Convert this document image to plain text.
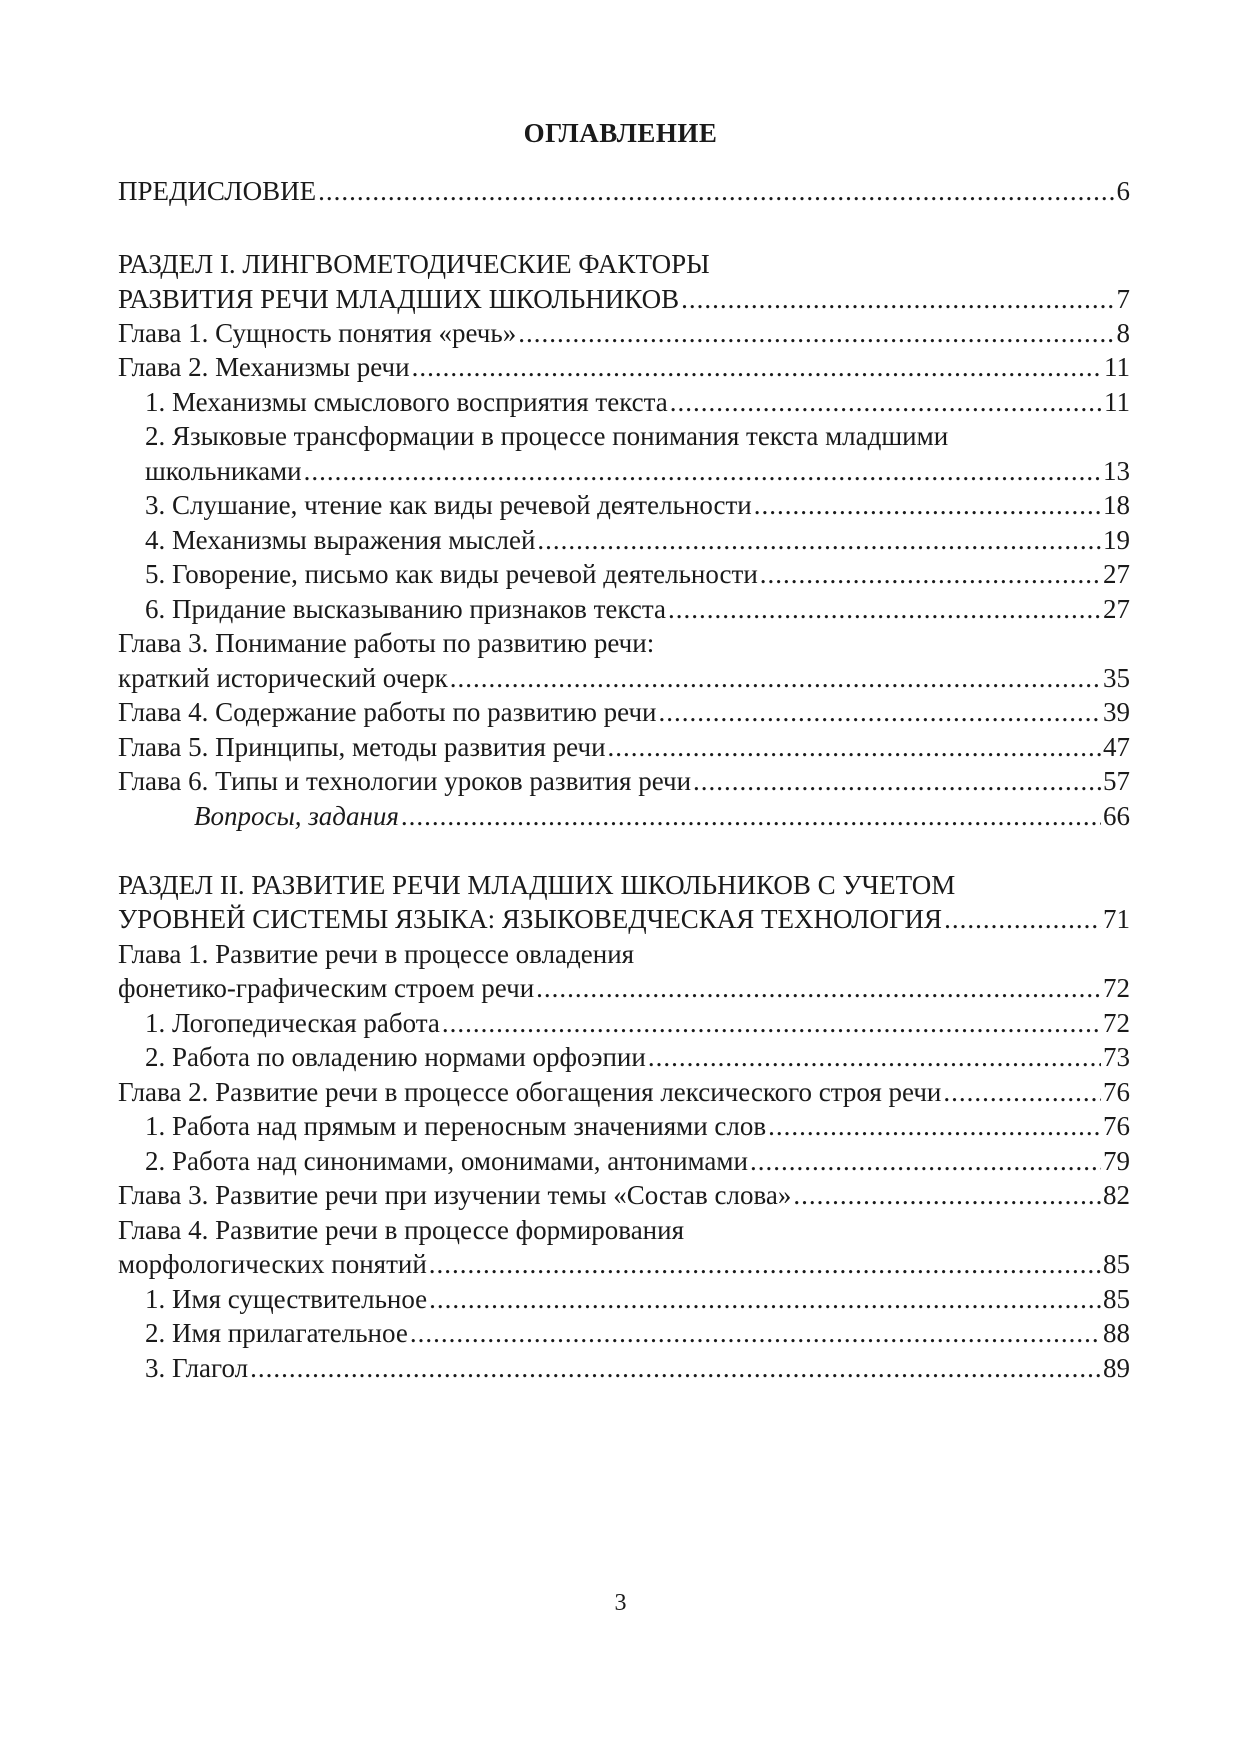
ОГЛАВЛЕНИЕ
ПРЕДИСЛОВИЕ .....	6
РАЗДЕЛ I. ЛИНГВОМЕТОДИЧЕСКИЕ ФАКТОРЫ
РАЗВИТИЯ РЕЧИ МЛАДШИХ ШКОЛЬНИКОВ .....	7
Глава 1. Сущность понятия «речь» .....	8
Глава 2. Механизмы речи .....	11
1. Механизмы смыслового восприятия текста .....	11
2. Языковые трансформации в процессе понимания текста младшими
школьниками .....	13
3. Слушание, чтение как виды речевой деятельности .....	18
4. Механизмы выражения мыслей .....	19
5. Говорение, письмо как виды речевой деятельности .....	27
6. Придание высказыванию признаков текста .....	27
Глава 3. Понимание работы по развитию речи:
краткий исторический очерк .....	35
Глава 4. Содержание работы по развитию речи .....	39
Глава 5. Принципы, методы развития речи .....	47
Глава 6. Типы и технологии уроков развития речи .....	57
Вопросы, задания .....	66
РАЗДЕЛ II. РАЗВИТИЕ РЕЧИ МЛАДШИХ ШКОЛЬНИКОВ С УЧЕТОМ
УРОВНЕЙ СИСТЕМЫ ЯЗЫКА: ЯЗЫКОВЕДЧЕСКАЯ ТЕХНОЛОГИЯ .....	71
Глава 1. Развитие речи в процессе овладения
фонетико-графическим строем речи .....	72
1. Логопедическая работа .....	72
2. Работа по овладению нормами орфоэпии .....	73
Глава 2. Развитие речи в процессе обогащения лексического строя речи .....	76
1. Работа над прямым и переносным значениями слов .....	76
2. Работа над синонимами, омонимами, антонимами .....	79
Глава 3. Развитие речи при изучении темы «Состав слова» .....	82
Глава 4. Развитие речи в процессе формирования
морфологических понятий .....	85
1. Имя существительное .....	85
2. Имя прилагательное .....	88
3. Глагол .....	89
3
